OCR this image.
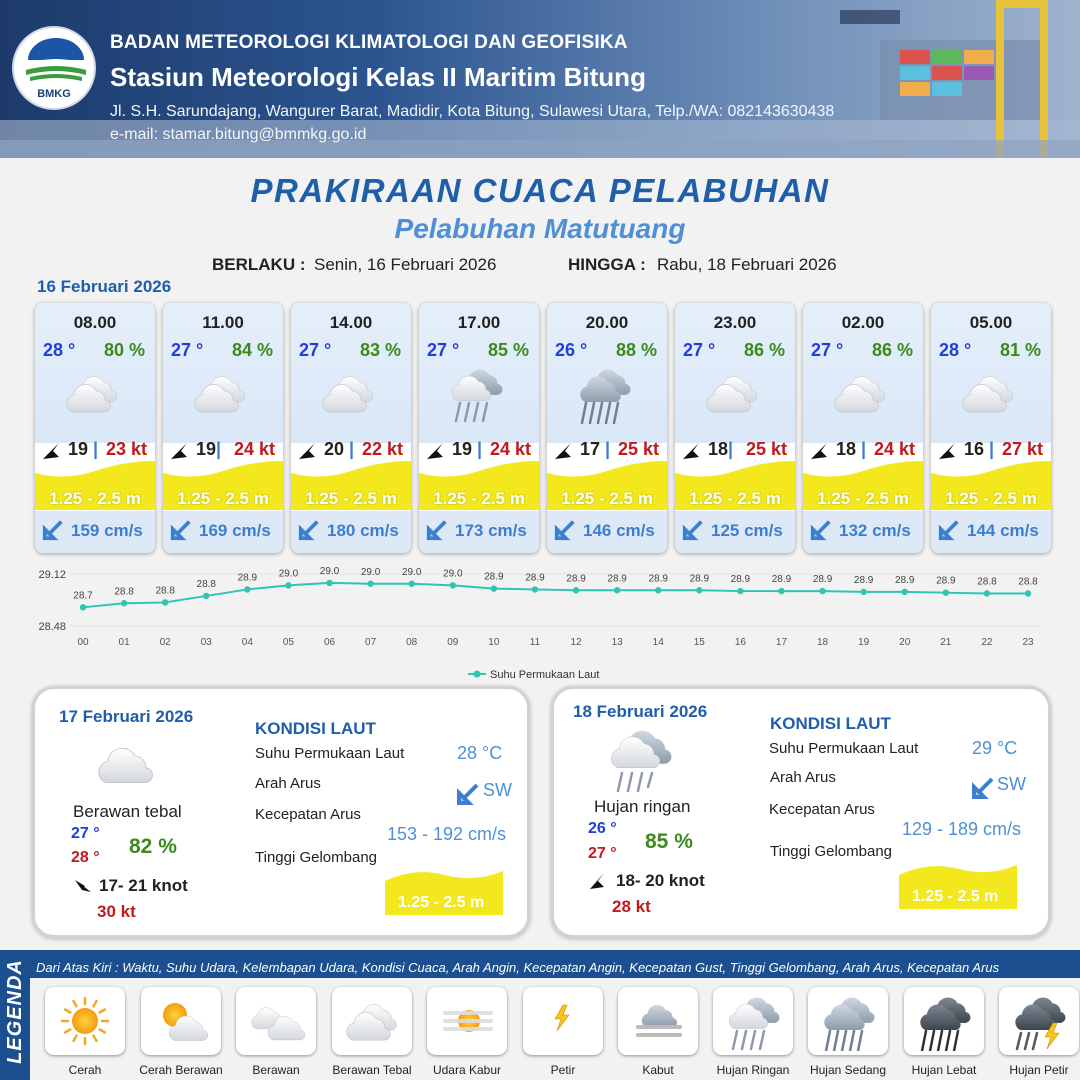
BMKG
BADAN METEOROLOGI KLIMATOLOGI DAN GEOFISIKA
Stasiun Meteorologi Kelas II Maritim Bitung
Jl. S.H. Sarundajang, Wangurer Barat, Madidir, Kota Bitung, Sulawesi Utara, Telp./WA: 082143630438
e-mail: stamar.bitung@bmmkg.go.id
PRAKIRAAN CUACA PELABUHAN
Pelabuhan Matutuang
BERLAKU : Senin, 16 Februari 2026	HINGGA : Rabu, 18 Februari 2026
16 Februari 2026
08.00
28 ° 80 %
19 | 23 kt
1.25 - 2.5 m
159 cm/s
11.00
27 ° 84 %
19| 24 kt
1.25 - 2.5 m
169 cm/s
14.00
27 ° 83 %
20 | 22 kt
1.25 - 2.5 m
180 cm/s
17.00
27 ° 85 %
19 | 24 kt
1.25 - 2.5 m
173 cm/s
20.00
26 ° 88 %
17 | 25 kt
1.25 - 2.5 m
146 cm/s
23.00
27 ° 86 %
18| 25 kt
1.25 - 2.5 m
125 cm/s
02.00
27 ° 86 %
18 | 24 kt
1.25 - 2.5 m
132 cm/s
05.00
28 ° 81 %
16 | 27 kt
1.25 - 2.5 m
144 cm/s
29.12
28.48
28.7 28.8 28.8
28.8
28.9 29.0 29.0 29.0 29.0 29.0 28.9 28.9 28.9 28.9 28.9 28.9 28.9 28.9 28.9 28.9 28.9 28.9 28.8 28.8
00	01	02	03	04	05	06	07	08	09	10	11	12	13	14	15	16	17	18	19	20	21	22	23
Suhu Permukaan Laut
17 Februari 2026
Berawan tebal
27 °
28 ° 82 %
17- 21 knot
30 kt
KONDISI LAUT
Suhu Permukaan Laut	28 °C
Arah Arus	SW
Kecepatan Arus
153 - 192 cm/s
Tinggi Gelombang
1.25 - 2.5 m
18 Februari 2026
Hujan ringan
26 °
27 °
85 %
18- 20 knot
28 kt
KONDISI LAUT
Suhu Permukaan Laut	29 °C
Arah Arus	SW
Kecepatan Arus
129 - 189 cm/s
Tinggi Gelombang
1.25 - 2.5 m
LEGENDA Dari Atas Kiri : Waktu, Suhu Udara, Kelembapan Udara, Kondisi Cuaca, Arah Angin, Kecepatan Angin, Kecepatan Gust, Tinggi Gelombang, Arah Arus, Kecepatan Arus
Cerah	Cerah Berawan	Berawan	Berawan Tebal	Udara Kabur	Petir	Kabut	Hujan Ringan	Hujan Sedang	Hujan Lebat	Hujan Petir
